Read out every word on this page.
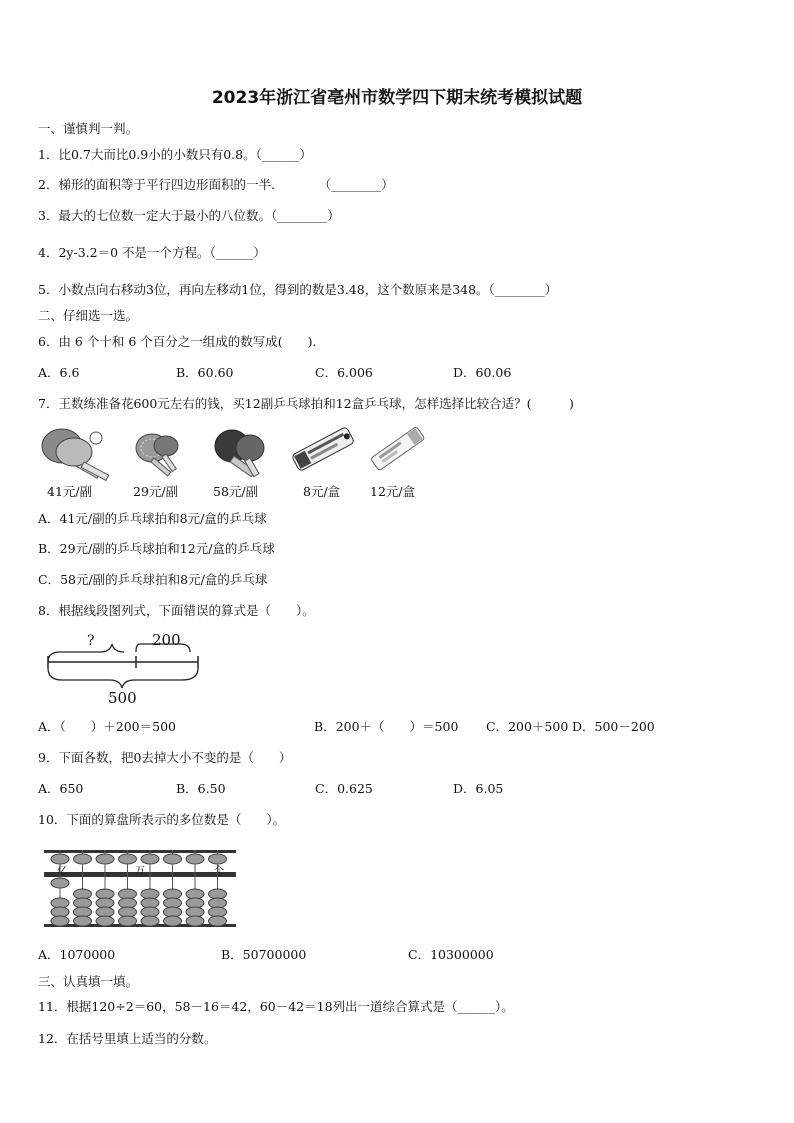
2023年浙江省亳州市数学四下期末统考模拟试题
一、谨慎判一判。
1．比0.7大而比0.9小的小数只有0.8。（______）
2．梯形的面积等于平行四边形面积的一半.　　　　（________）
3．最大的七位数一定大于最小的八位数。（________）
4．2y-3.2＝0 不是一个方程。（______）
5．小数点向右移动3位，再向左移动1位，得到的数是3.48，这个数原来是348。（________）
二、仔细选一选。
6．由 6 个十和 6 个百分之一组成的数写成(　　).
A．6.6	B．60.60	C．6.006	D．60.06
7．王数练准备花600元左右的钱，买12副乒乓球拍和12盒乒乓球，怎样选择比较合适？(　　　)
41元/副	29元/副	58元/副	8元/盒 12元/盒
A．41元/副的乒乓球拍和8元/盒的乒乓球
B．29元/副的乒乓球拍和12元/盒的乒乓球
C．58元/副的乒乓球拍和8元/盒的乒乓球
8．根据线段图列式，下面错误的算式是（　　）。
?	200
500
A．（　　）＋200＝500	B．200＋（　　）＝500 C．200＋500 D．500－200
9．下面各数，把0去掉大小不变的是（　　）
A．650	B．6.50	C．0.625	D．6.05
10．下面的算盘所表示的多位数是（　　）。
亿	万	个
A．1070000	B．50700000	C．10300000
三、认真填一填。
11．根据120÷2＝60，58－16＝42，60－42＝18列出一道综合算式是（______）。
12．在括号里填上适当的分数。
